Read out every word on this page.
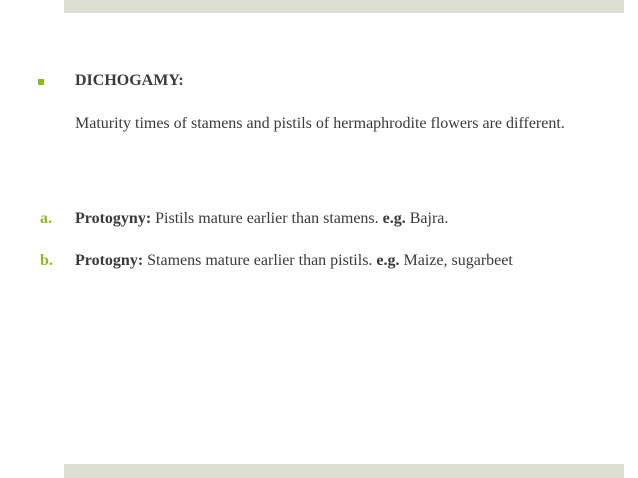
DICHOGAMY:
Maturity times of stamens and pistils of hermaphrodite flowers are different.
a. Protogyny: Pistils mature earlier than stamens. e.g. Bajra.
b. Protogny: Stamens mature earlier than pistils. e.g. Maize, sugarbeet
